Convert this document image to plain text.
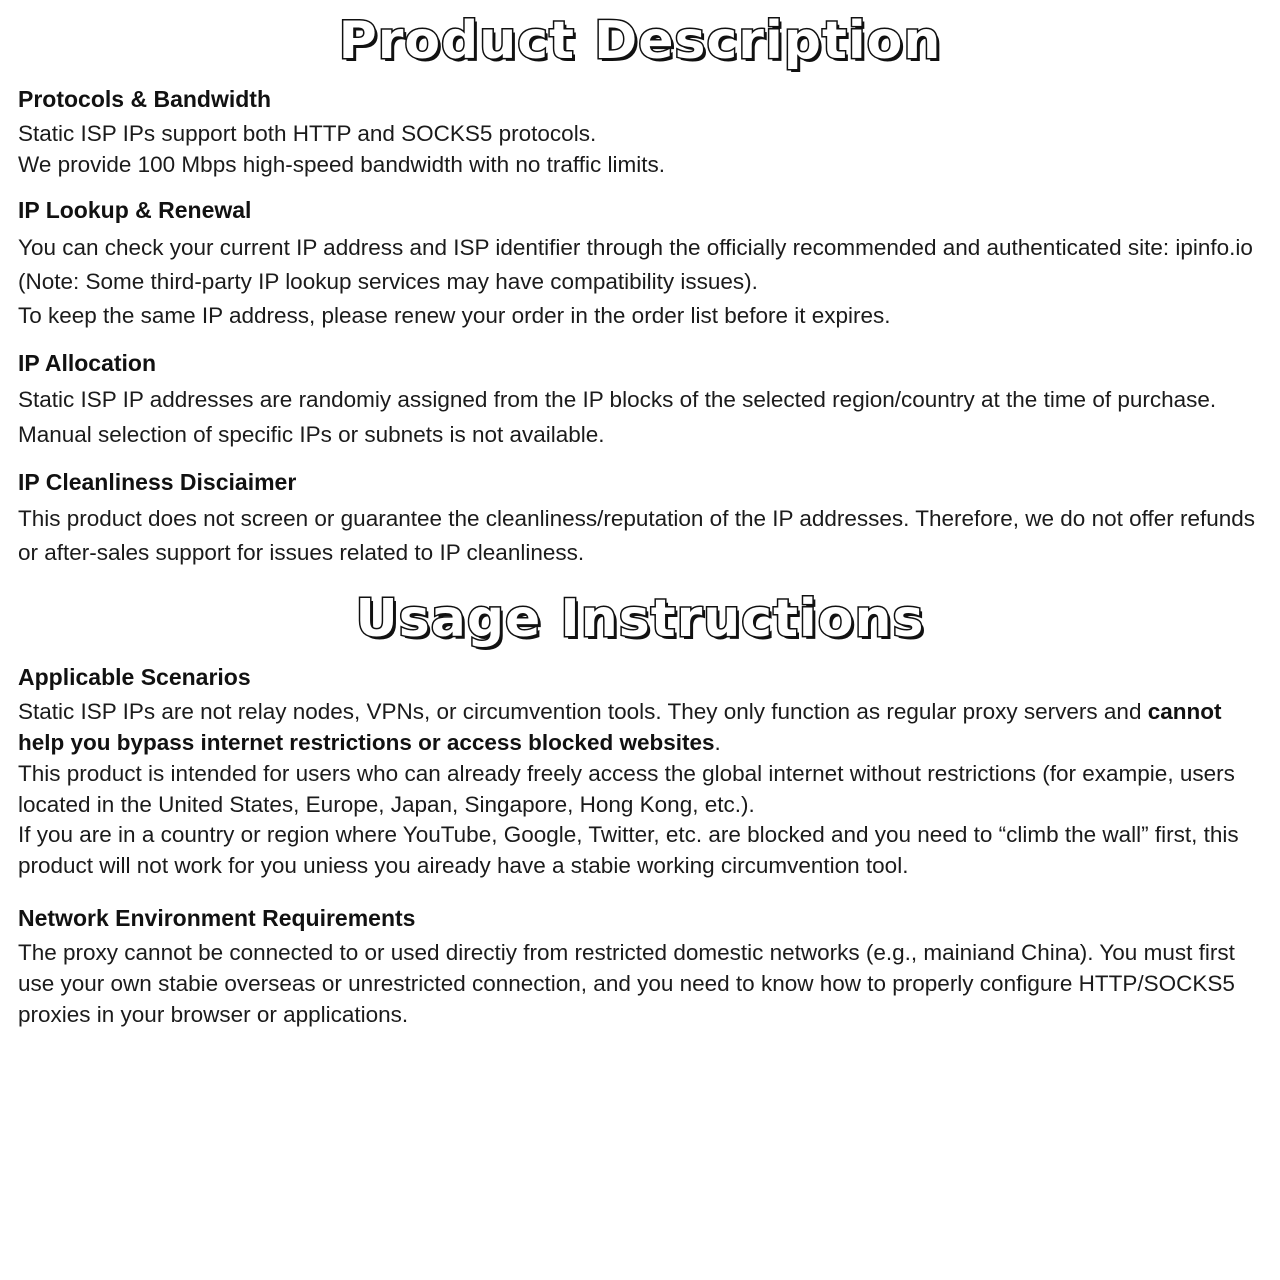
Product Description
Protocols & Bandwidth

Static ISP IPs support both HTTP and SOCKS5 protocols.

We provide 100 Mbps high-speed bandwidth with no traffic limits.

IP Lookup & Renewal

You can check your current IP address and ISP identifier through the officially recommended and authenticated site: ipinfo.io (Note: Some third-party IP lookup services may have compatibility issues).

To keep the same IP address, please renew your order in the order list before it expires.

IP Allocation

Static ISP IP addresses are randomiy assigned from the IP blocks of the selected region/country at the time of purchase. Manual selection of specific IPs or subnets is not available.

IP Cleanliness Disciaimer

This product does not screen or guarantee the cleanliness/reputation of the IP addresses. Therefore, we do not offer refunds or after-sales support for issues related to IP cleanliness.

Usage Instructions
Applicable Scenarios

Static ISP IPs are not relay nodes, VPNs, or circumvention tools. They only function as regular proxy servers and cannot help you bypass internet restrictions or access blocked websites.

This product is intended for users who can already freely access the global internet without restrictions (for exampie, users located in the United States, Europe, Japan, Singapore, Hong Kong, etc.).

If you are in a country or region where YouTube, Google, Twitter, etc. are blocked and you need to “climb the wall” first, this product will not work for you uniess you aiready have a stabie working circumvention tool.

Network Environment Requirements

The proxy cannot be connected to or used directiy from restricted domestic networks (e.g., mainiand China). You must first use your own stabie overseas or unrestricted connection, and you need to know how to properly configure HTTP/SOCKS5 proxies in your browser or applications.
